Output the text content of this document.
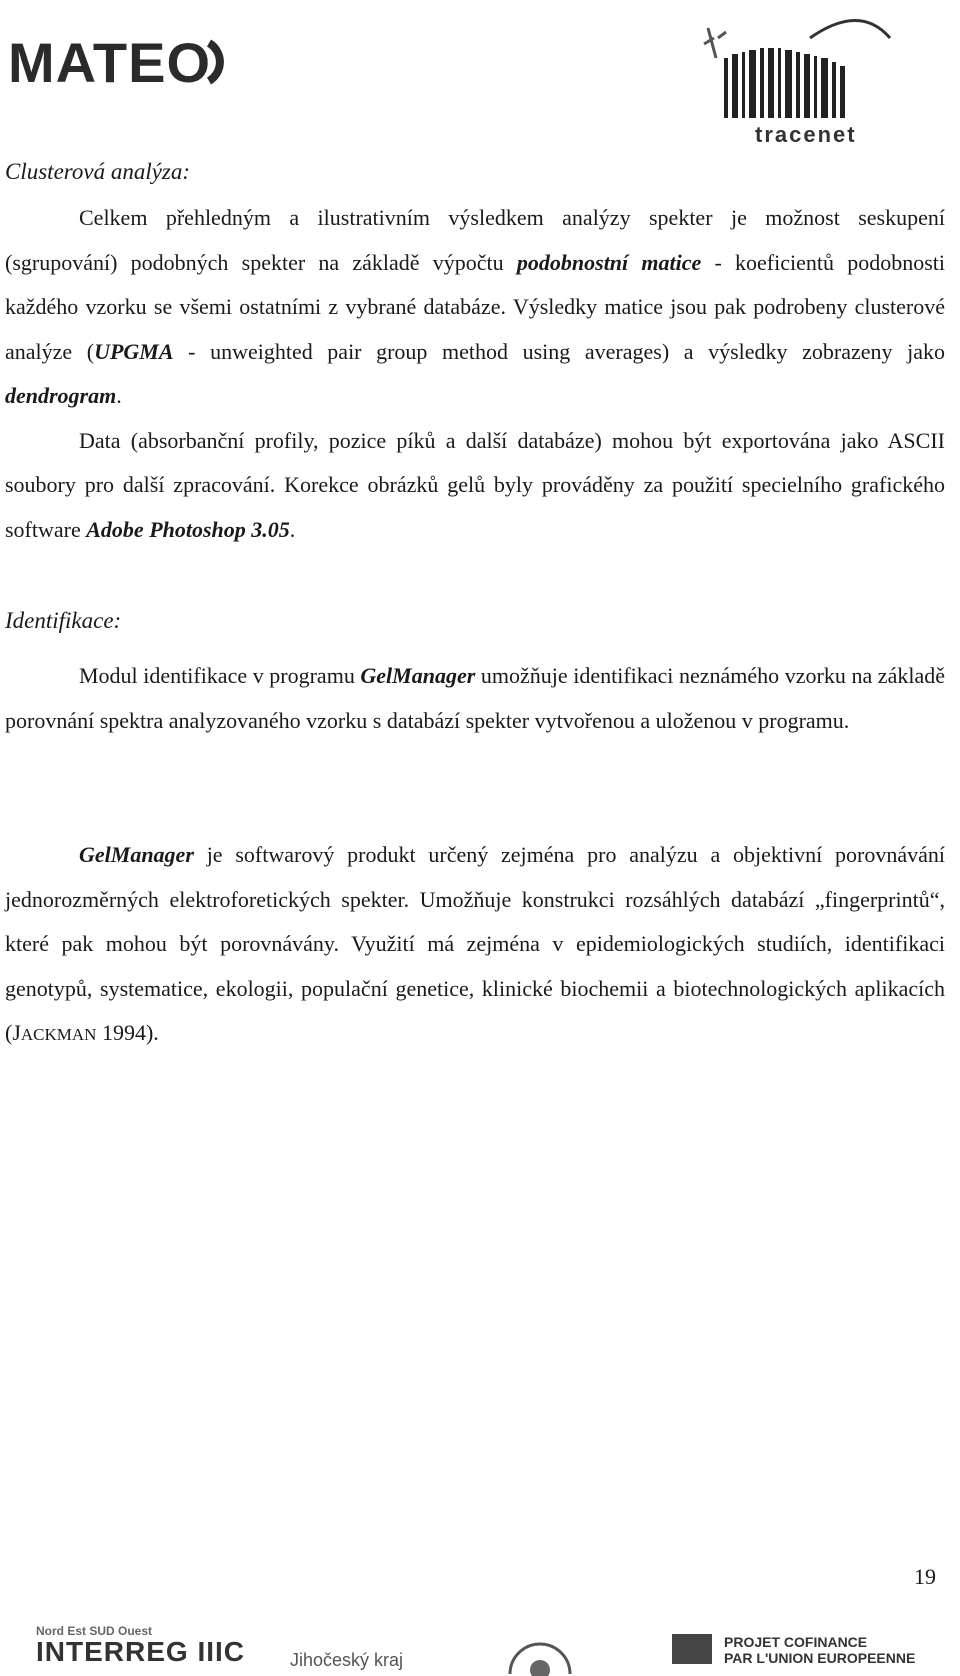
MATEO
tracenet
Clusterová analýza:

Celkem přehledným a ilustrativním výsledkem analýzy spekter je možnost seskupení (sgrupování) podobných spekter na základě výpočtu podobnostní matice - koeficientů podobnosti každého vzorku se všemi ostatními z vybrané databáze. Výsledky matice jsou pak podrobeny clusterové analýze (UPGMA - unweighted pair group method using averages) a výsledky zobrazeny jako dendrogram.

Data (absorbanční profily, pozice píků a další databáze) mohou být exportována jako ASCII soubory pro další zpracování. Korekce obrázků gelů byly prováděny za použití specielního grafického software Adobe Photoshop 3.05.

Identifikace:

Modul identifikace v programu GelManager umožňuje identifikaci neznámého vzorku na základě porovnání spektra analyzovaného vzorku s databází spekter vytvořenou a uloženou v programu.

GelManager je softwarový produkt určený zejména pro analýzu a objektivní porovnávání jednorozměrných elektroforetických spekter. Umožňuje konstrukci rozsáhlých databází „fingerprintů“, které pak mohou být porovnávány. Využití má zejména v epidemiologických studiích, identifikaci genotypů, systematice, ekologii, populační genetice, klinické biochemii a biotechnologických aplikacích (JACKMAN 1994).

19
Nord Est SUD Ouest
INTERREG IIIC Jihočeský kraj
PROJET COFINANCE
PAR L'UNION EUROPEENNE
